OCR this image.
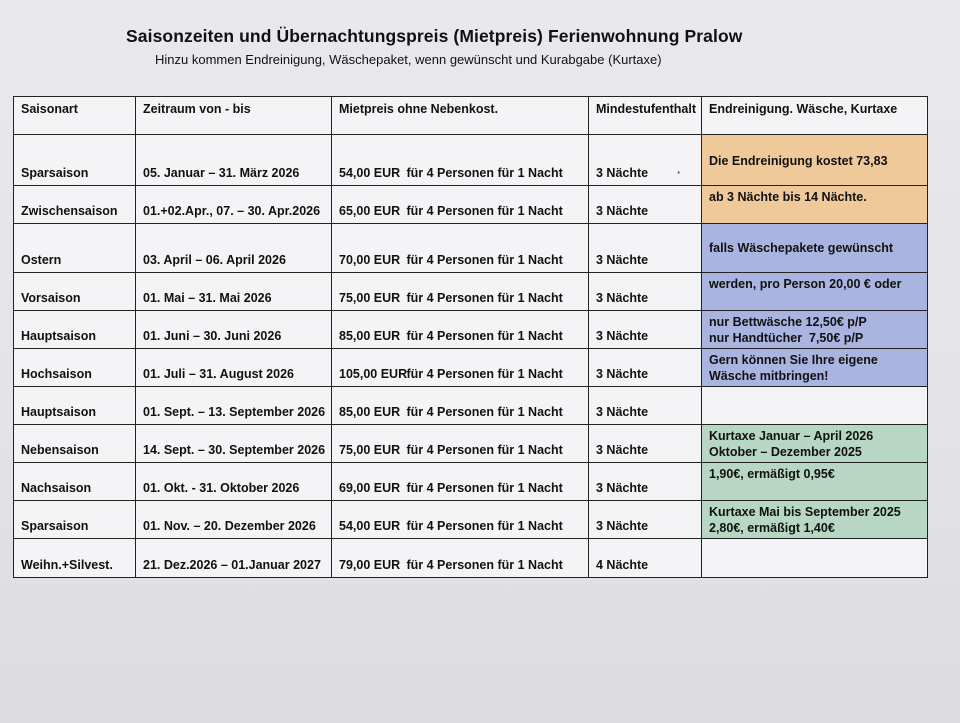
Saisonzeiten und Übernachtungspreis (Mietpreis) Ferienwohnung Pralow
Hinzu kommen Endreinigung, Wäschepaket, wenn gewünscht und Kurabgabe (Kurtaxe)
Saisonart	Zeitraum von - bis	Mietpreis ohne Nebenkost.	Mindestufenthalt	Endreinigung. Wäsche, Kurtaxe
Sparsaison	05. Januar – 31. März 2026	54,00 EUR für 4 Personen für 1 Nacht	3 Nächte ·	Die Endreinigung kostet 73,83

Zwischensaison	01.+02.Apr., 07. – 30. Apr.2026	65,00 EUR für 4 Personen für 1 Nacht	3 Nächte	ab 3 Nächte bis 14 Nächte.

Ostern	03. April – 06. April 2026	70,00 EUR für 4 Personen für 1 Nacht	3 Nächte	falls Wäschepakete gewünscht

Vorsaison	01. Mai – 31. Mai 2026	75,00 EUR für 4 Personen für 1 Nacht	3 Nächte	werden, pro Person 20,00 € oder

Hauptsaison	01. Juni – 30. Juni 2026	85,00 EUR für 4 Personen für 1 Nacht	3 Nächte	nur Bettwäsche 12,50€ p/P
nur Handtücher  7,50€ p/P

Hochsaison	01. Juli – 31. August 2026	105,00 EUR für 4 Personen für 1 Nacht	3 Nächte	Gern können Sie Ihre eigene
Wäsche mitbringen!

Hauptsaison	01. Sept. – 13. September 2026	85,00 EUR für 4 Personen für 1 Nacht	3 Nächte	
Nebensaison	14. Sept. – 30. September 2026	75,00 EUR für 4 Personen für 1 Nacht	3 Nächte	Kurtaxe Januar – April 2026
Oktober – Dezember 2025

Nachsaison	01. Okt. - 31. Oktober 2026	69,00 EUR für 4 Personen für 1 Nacht	3 Nächte	1,90€, ermäßigt 0,95€

Sparsaison	01. Nov. – 20. Dezember 2026	54,00 EUR für 4 Personen für 1 Nacht	3 Nächte	Kurtaxe Mai bis September 2025
2,80€, ermäßigt 1,40€

Weihn.+Silvest.	21. Dez.2026 – 01.Januar 2027	79,00 EUR für 4 Personen für 1 Nacht	4 Nächte	
